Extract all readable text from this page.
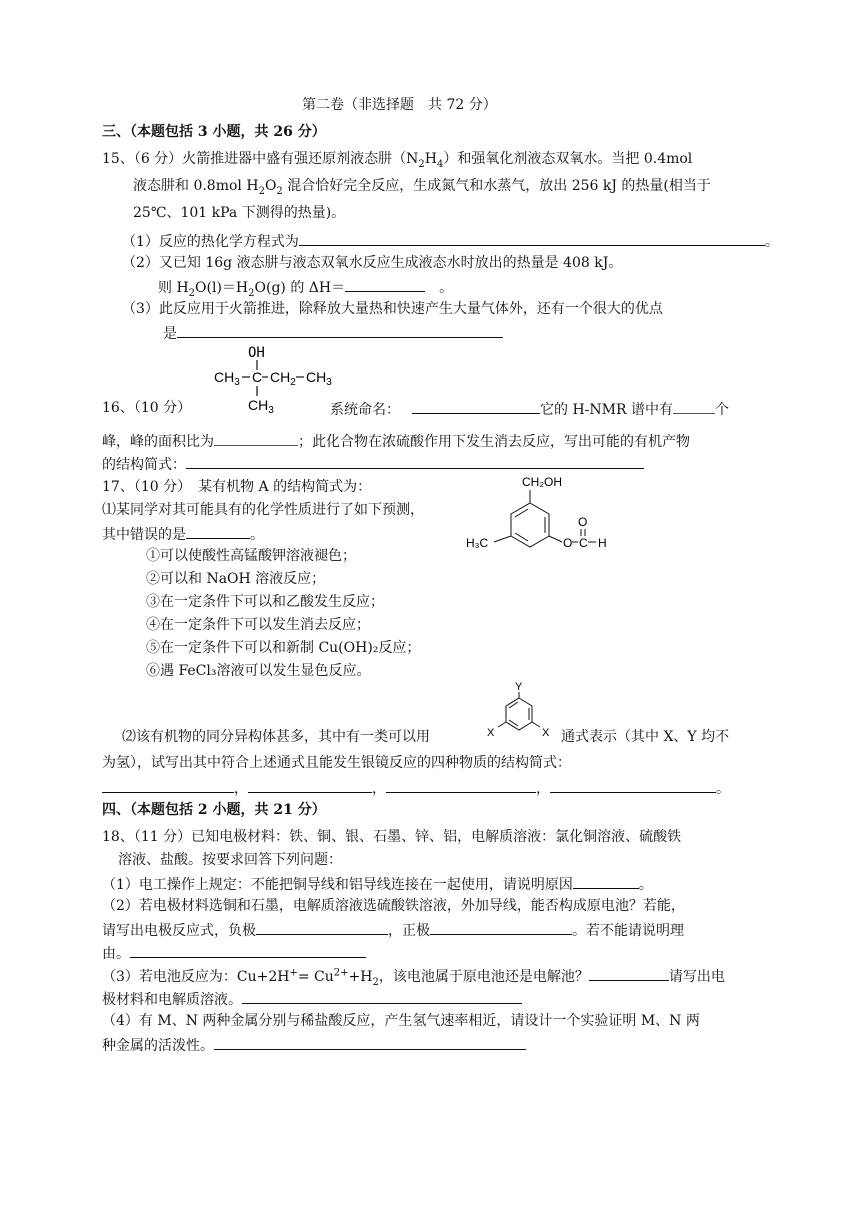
第二卷（非选择题　共 72 分）
三、（本题包括 3 小题，共 26 分）
15、（6 分）火箭推进器中盛有强还原剂液态肼$(N_2H_4)$和强氧化剂液态双氧水。当把 0.4mol
液态肼和 0.8mol $H_2O_2$ 混合恰好完全反应，生成氮气和水蒸气，放出 256 kJ 的热量(相当于
25℃、101 kPa 下测得的热量)。
（1）反应的热化学方程式为	。
（2）又已知 16g 液态肼与液态双氧水反应生成液态水时放出的热量是 408 kJ。
则 $H_2O(l)=H_2O(g)$ 的 ΔH＝	　。
（3）此反应用于火箭推进，除释放大量热和快速产生大量气体外，还有一个很大的优点
是
OH
$CH_3$ C $CH_2$ $CH_3$
$CH_3$
16、（10 分）	系统命名：	它的 H-NMR 谱中有	个
峰，峰的面积比为	；此化合物在浓硫酸作用下发生消去反应，写出可能的有机产物
的结构简式：
17、（10 分）　某有机物 A 的结构简式为：
⑴某同学对其可能具有的化学性质进行了如下预测，
其中错误的是	。
CH₂OH
H₃C	O C
O
H
①可以使酸性高锰酸钾溶液褪色；
②可以和 NaOH 溶液反应；
③在一定条件下可以和乙酸发生反应；
④在一定条件下可以发生消去反应；
⑤在一定条件下可以和新制 Cu(OH)₂反应；
⑥遇 FeCl₃溶液可以发生显色反应。
Y
X	X
⑵该有机物的同分异构体甚多，其中有一类可以用	通式表示（其中 X、Y 均不
为氢），试写出其中符合上述通式且能发生银镜反应的四种物质的结构简式：
，	，	，	。
四、（本题包括 2 小题，共 21 分）
18、（11 分）已知电极材料：铁、铜、银、石墨、锌、铝，电解质溶液：氯化铜溶液、硫酸铁
溶液、盐酸。按要求回答下列问题：
（1）电工操作上规定：不能把铜导线和铝导线连接在一起使用，请说明原因	。
（2）若电极材料选铜和石墨，电解质溶液选硫酸铁溶液，外加导线，能否构成原电池？若能，
请写出电极反应式，负极	，正极	。若不能请说明理
由。
（3）若电池反应为：$Cu+2H^+= Cu^{2+}+H_2$，该电池属于原电池还是电解池？	请写出电
极材料和电解质溶液。
（4）有 M、N 两种金属分别与稀盐酸反应，产生氢气速率相近，请设计一个实验证明 M、N 两
种金属的活泼性。
